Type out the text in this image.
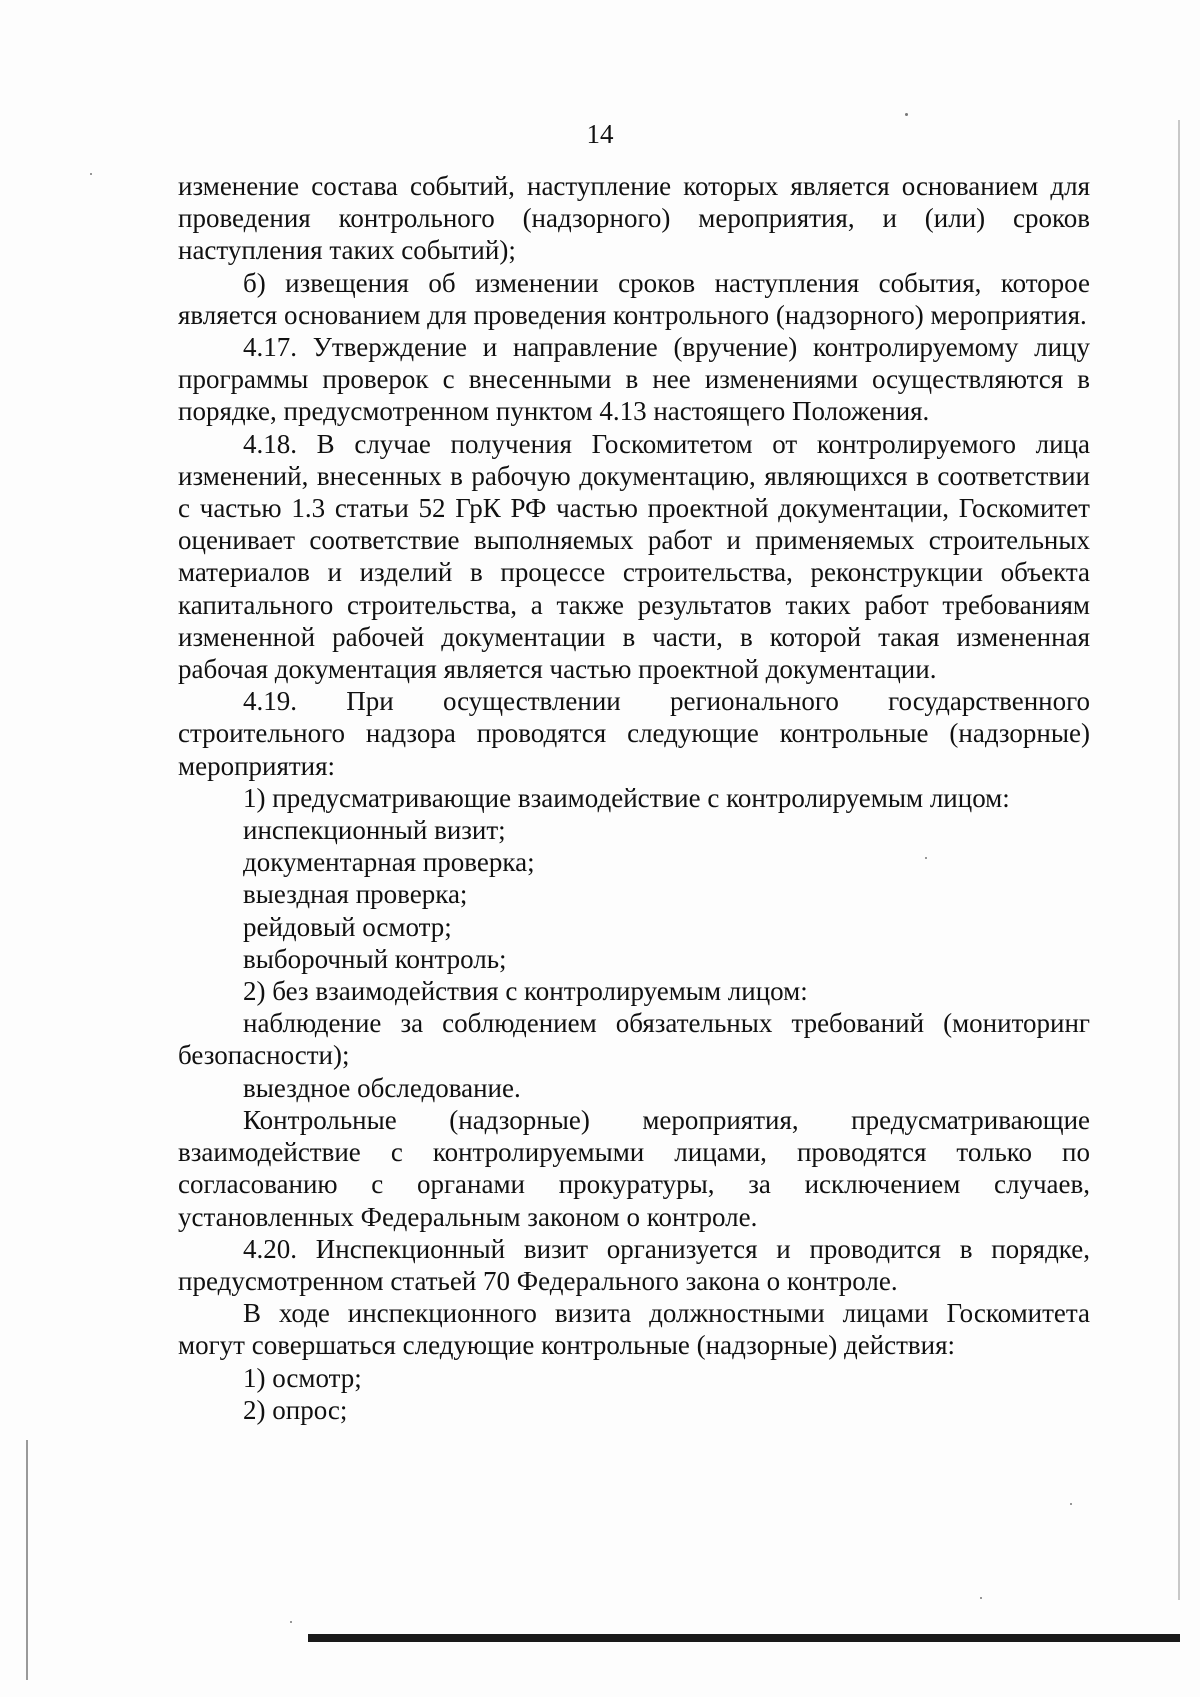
14

изменение состава событий, наступление которых является основанием для проведения контрольного (надзорного) мероприятия, и (или) сроков наступления таких событий);

б) извещения об изменении сроков наступления события, которое является основанием для проведения контрольного (надзорного) мероприятия.

4.17. Утверждение и направление (вручение) контролируемому лицу программы проверок с внесенными в нее изменениями осуществляются в порядке, предусмотренном пунктом 4.13 настоящего Положения.

4.18. В случае получения Госкомитетом от контролируемого лица изменений, внесенных в рабочую документацию, являющихся в соответствии с частью 1.3 статьи 52 ГрК РФ частью проектной документации, Госкомитет оценивает соответствие выполняемых работ и применяемых строительных материалов и изделий в процессе строительства, реконструкции объекта капитального строительства, а также результатов таких работ требованиям измененной рабочей документации в части, в которой такая измененная рабочая документация является частью проектной документации.

4.19. При осуществлении регионального государственного строительного надзора проводятся следующие контрольные (надзорные) мероприятия:

1) предусматривающие взаимодействие с контролируемым лицом:

инспекционный визит;

документарная проверка;

выездная проверка;

рейдовый осмотр;

выборочный контроль;

2) без взаимодействия с контролируемым лицом:

наблюдение за соблюдением обязательных требований (мониторинг безопасности);

выездное обследование.

Контрольные (надзорные) мероприятия, предусматривающие взаимодействие с контролируемыми лицами, проводятся только по согласованию с органами прокуратуры, за исключением случаев, установленных Федеральным законом о контроле.

4.20. Инспекционный визит организуется и проводится в порядке, предусмотренном статьей 70 Федерального закона о контроле.

В ходе инспекционного визита должностными лицами Госкомитета могут совершаться следующие контрольные (надзорные) действия:

1) осмотр;

2) опрос;
